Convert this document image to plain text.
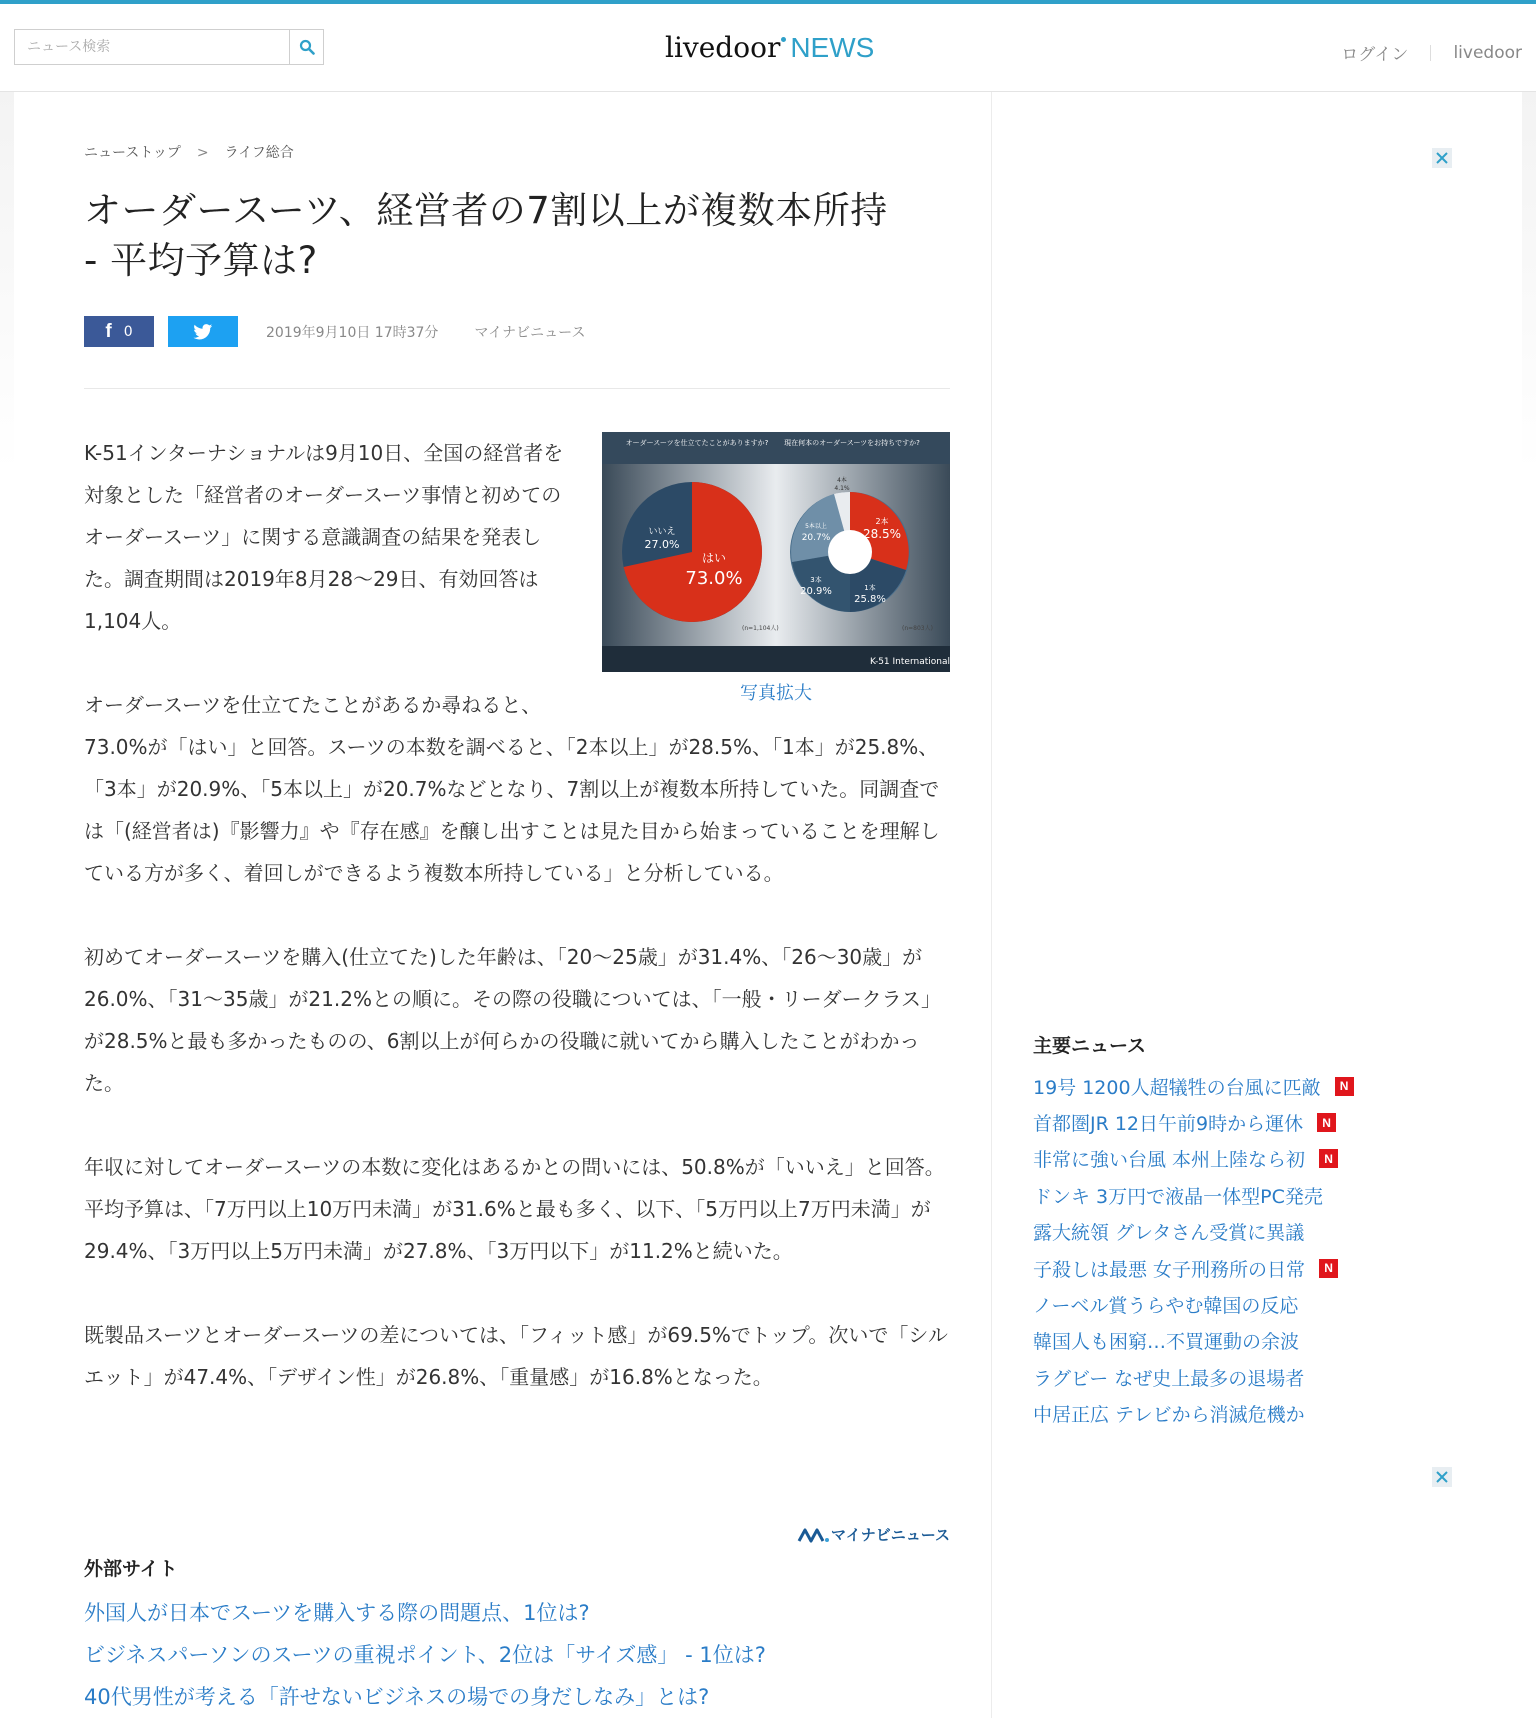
ニュース検索
livedoor NEWS	ログイン	livedoor
ニューストップ > ライフ総合
オーダースーツ、経営者の7割以上が複数本所持
- 平均予算は?
f 0	2019年9月10日 17時37分	マイナビニュース
オーダースーツを仕立てたことがありますか? 現在何本のオーダースーツをお持ちですか?
いいえ
27.0%
はい
73.0%
(n=1,104人)
2本
28.5%
1本
25.8%
3本
20.9%
5本以上
20.7%
4本
4.1%
(n=803人)
K-51 International
写真拡大

K-51インターナショナルは9月10日、全国の経営者を対象とした「経営者のオーダースーツ事情と初めてのオーダースーツ」に関する意識調査の結果を発表した。調査期間は2019年8月28〜29日、有効回答は1,104人。

オーダースーツを仕立てたことがあるか尋ねると、73.0%が「はい」と回答。スーツの本数を調べると、「2本以上」が28.5%、「1本」が25.8%、「3本」が20.9%、「5本以上」が20.7%などとなり、7割以上が複数本所持していた。同調査では「(経営者は)『影響力』や『存在感』を醸し出すことは見た目から始まっていることを理解している方が多く、着回しができるよう複数本所持している」と分析している。

初めてオーダースーツを購入(仕立てた)した年齢は、「20〜25歳」が31.4%、「26〜30歳」が26.0%、「31〜35歳」が21.2%との順に。その際の役職については、「一般・リーダークラス」が28.5%と最も多かったものの、6割以上が何らかの役職に就いてから購入したことがわかった。

年収に対してオーダースーツの本数に変化はあるかとの問いには、50.8%が「いいえ」と回答。平均予算は、「7万円以上10万円未満」が31.6%と最も多く、以下、「5万円以上7万円未満」が29.4%、「3万円以上5万円未満」が27.8%、「3万円以下」が11.2%と続いた。

既製品スーツとオーダースーツの差については、「フィット感」が69.5%でトップ。次いで「シルエット」が47.4%、「デザイン性」が26.8%、「重量感」が16.8%となった。

マイナビニュース
外部サイト
外国人が日本でスーツを購入する際の問題点、1位は?
ビジネスパーソンのスーツの重視ポイント、2位は「サイズ感」 - 1位は?
40代男性が考える「許せないビジネスの場での身だしなみ」とは?
主要ニュース
19号 1200人超犠牲の台風に匹敵	N
首都圏JR 12日午前9時から運休	N
非常に強い台風 本州上陸なら初	N
ドンキ 3万円で液晶一体型PC発売
露大統領 グレタさん受賞に異議
子殺しは最悪 女子刑務所の日常	N
ノーベル賞うらやむ韓国の反応
韓国人も困窮…不買運動の余波
ラグビー なぜ史上最多の退場者
中居正広 テレビから消滅危機か
